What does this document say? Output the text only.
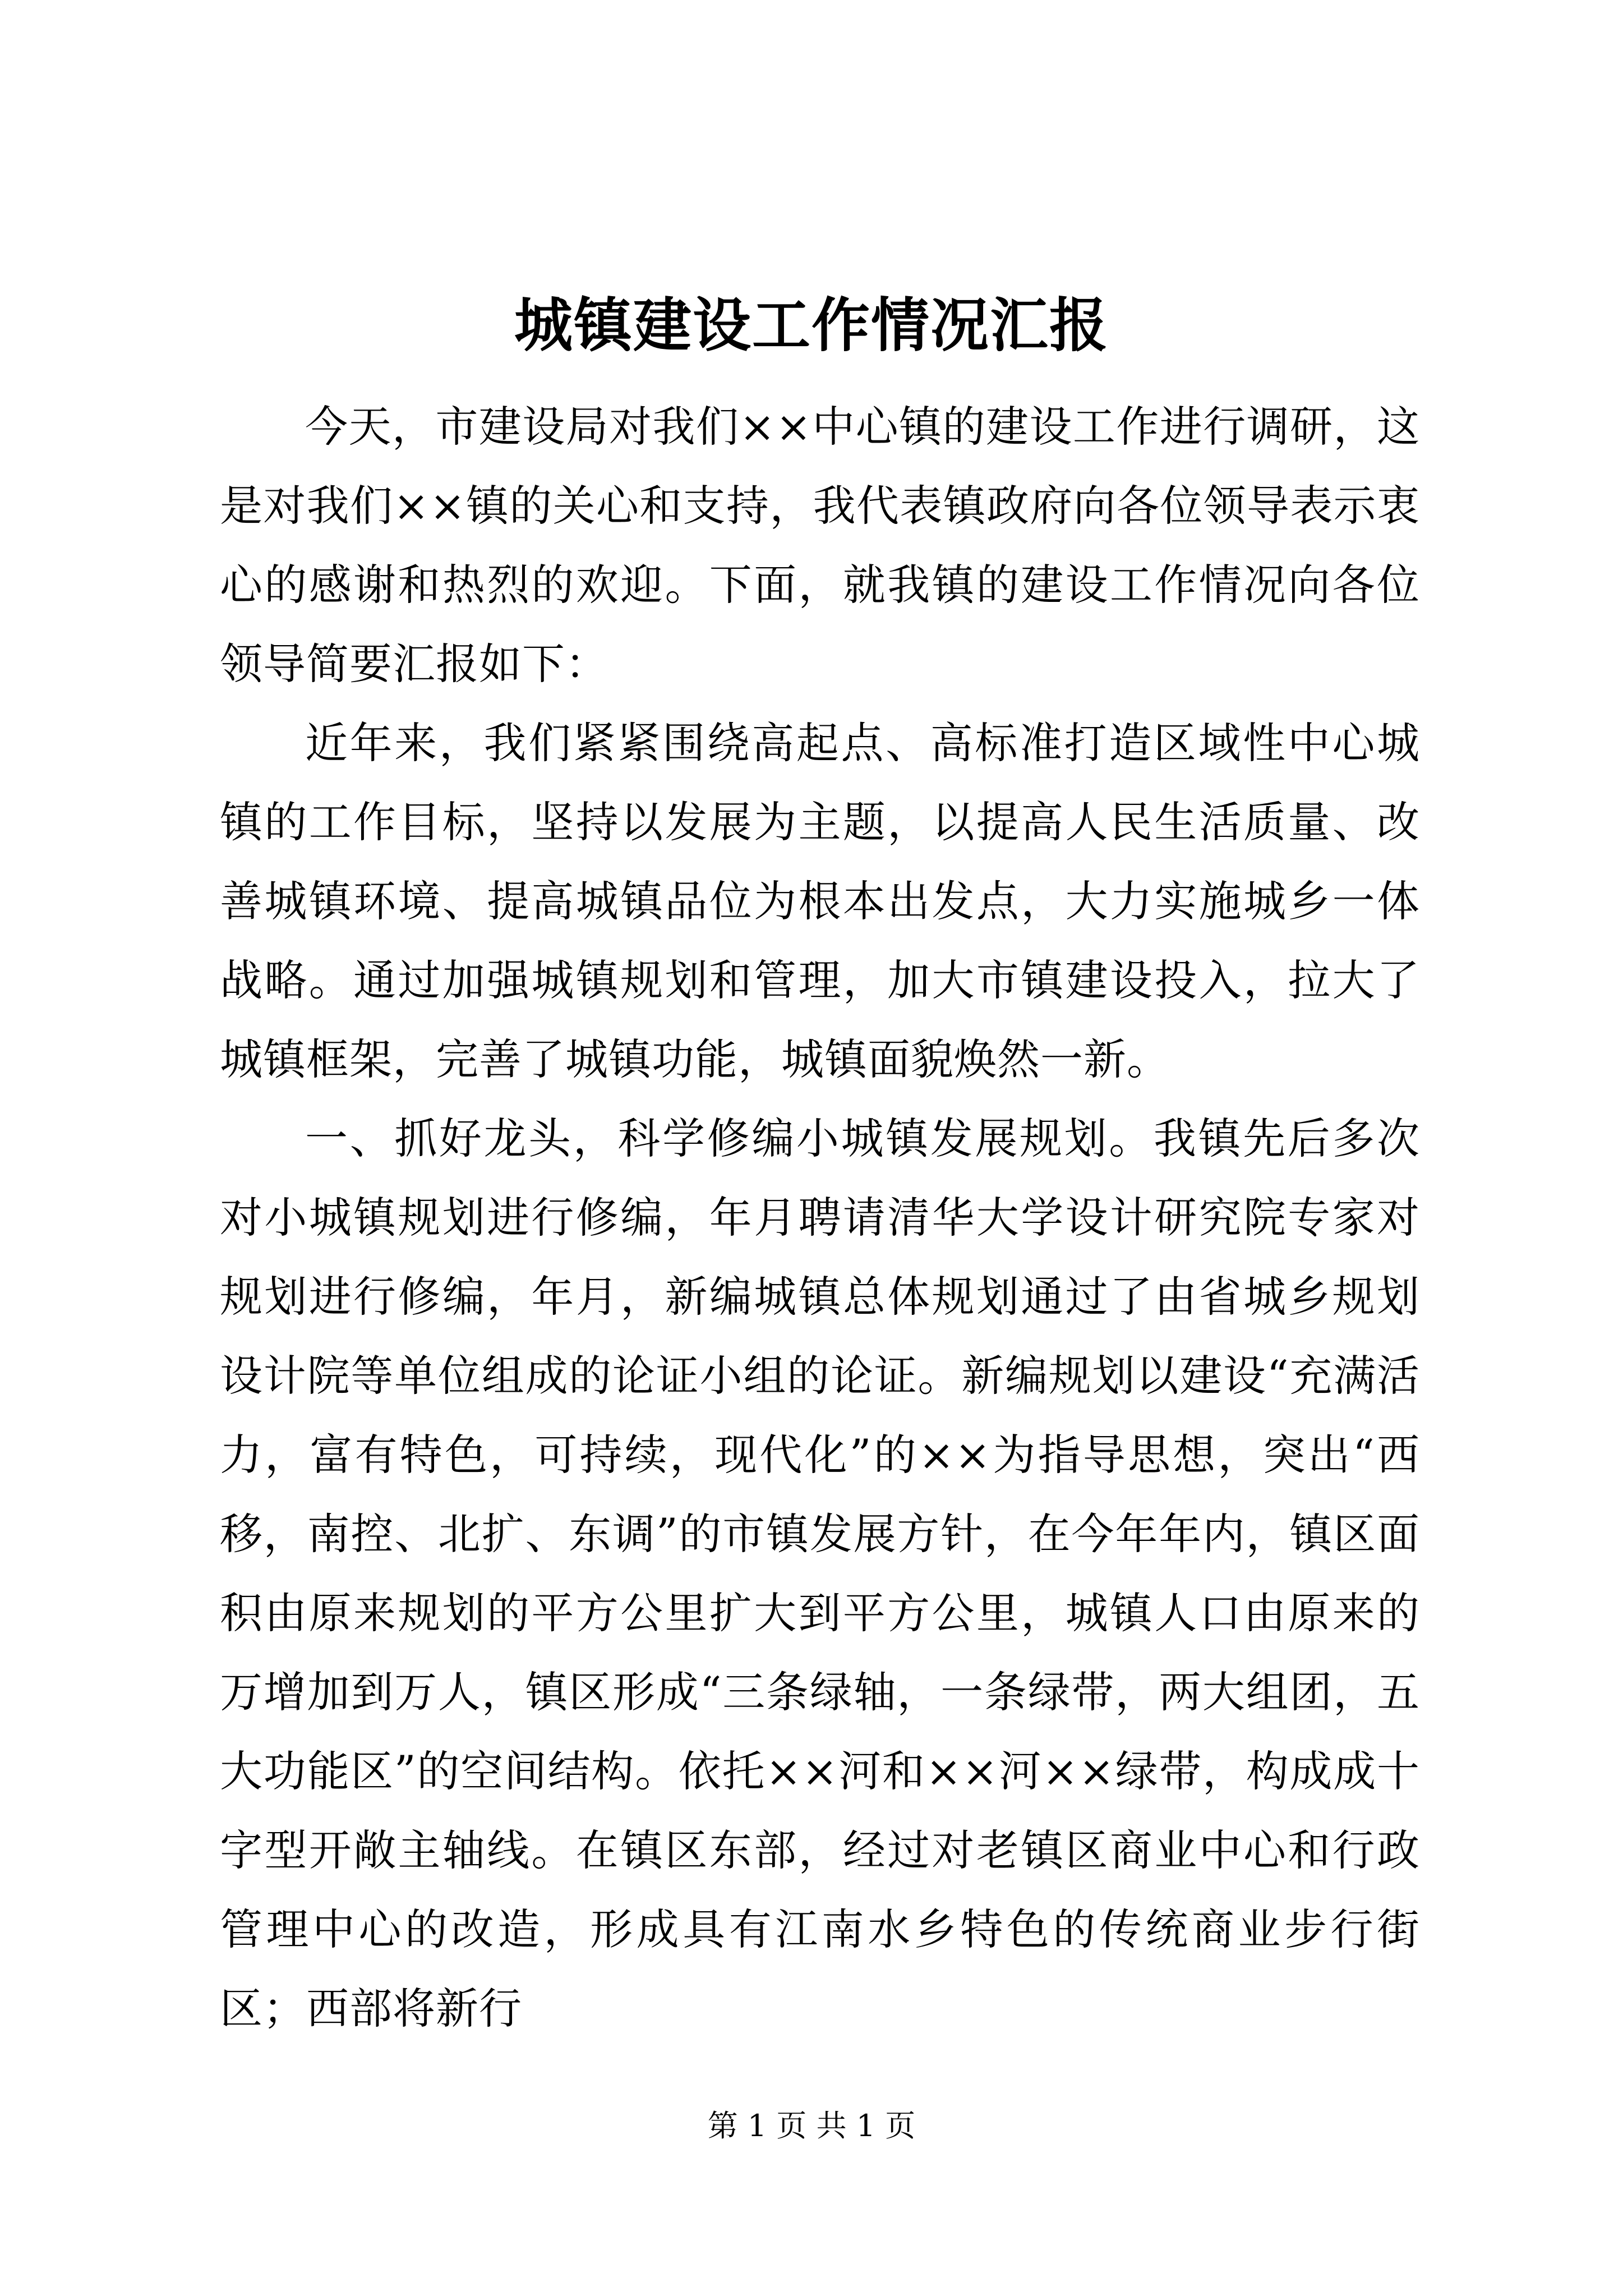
城镇建设工作情况汇报

今天，市建设局对我们××中心镇的建设工作进行调研，这是对我们××镇的关心和支持，我代表镇政府向各位领导表示衷心的感谢和热烈的欢迎。下面，就我镇的建设工作情况向各位领导简要汇报如下：

近年来，我们紧紧围绕高起点、高标准打造区域性中心城镇的工作目标，坚持以发展为主题，以提高人民生活质量、改善城镇环境、提高城镇品位为根本出发点，大力实施城乡一体战略。通过加强城镇规划和管理，加大市镇建设投入，拉大了城镇框架，完善了城镇功能，城镇面貌焕然一新。

一、抓好龙头，科学修编小城镇发展规划。我镇先后多次对小城镇规划进行修编，年月聘请清华大学设计研究院专家对规划进行修编，年月，新编城镇总体规划通过了由省城乡规划设计院等单位组成的论证小组的论证。新编规划以建设“充满活力，富有特色，可持续，现代化”的××为指导思想，突出“西移，南控、北扩、东调”的市镇发展方针，在今年年内，镇区面积由原来规划的平方公里扩大到平方公里，城镇人口由原来的万增加到万人，镇区形成“三条绿轴，一条绿带，两大组团，五大功能区”的空间结构。依托××河和××河××绿带，构成成十字型开敞主轴线。在镇区东部，经过对老镇区商业中心和行政管理中心的改造，形成具有江南水乡特色的传统商业步行街区；西部将新行

第 1 页 共 1 页
